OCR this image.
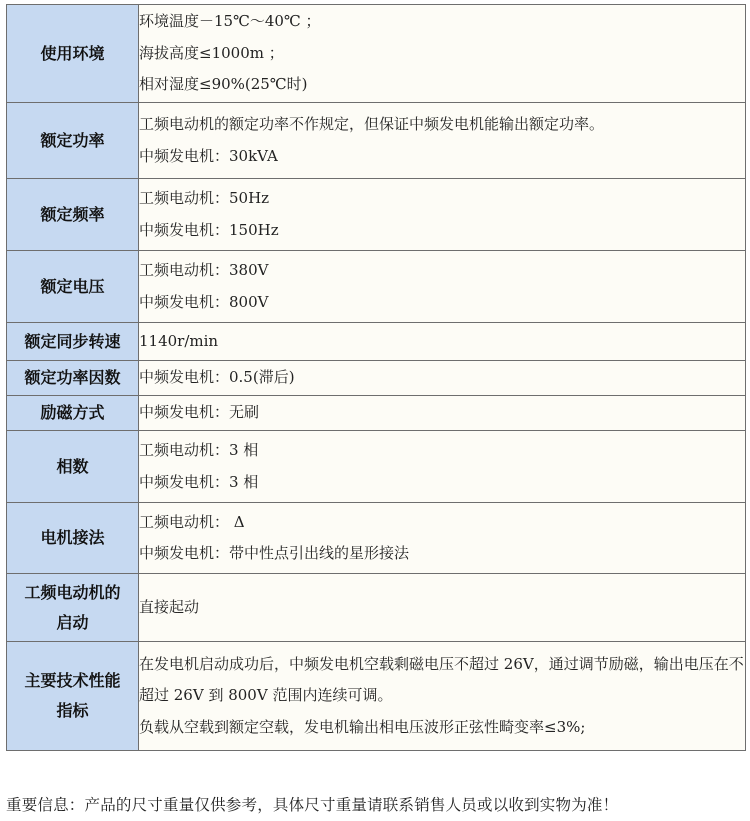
使用环境	环境温度－15℃～40℃ ；
海拔高度≤1000m ；
相对湿度≤90%(25℃时)

额定功率	工频电动机的额定功率不作规定，但保证中频发电机能输出额定功率。
中频发电机：30kVA

额定频率	工频电动机：50Hz
中频发电机：150Hz

额定电压	工频电动机：380V
中频发电机：800V

额定同步转速	1140r/min

额定功率因数	中频发电机：0.5(滞后)

励磁方式	中频发电机：无刷

相数	工频电动机：3 相
中频发电机：3 相

电机接法	工频电动机： Δ
中频发电机：带中性点引出线的星形接法

工频电动机的
启动	直接起动

主要技术性能
指标	在发电机启动成功后，中频发电机空载剩磁电压不超过 26V，通过调节励磁，输出电压在不超过 26V 到 800V 范围内连续可调。
负载从空载到额定空载，发电机输出相电压波形正弦性畸变率≤3%;
重要信息：产品的尺寸重量仅供参考，具体尺寸重量请联系销售人员或以收到实物为准！
